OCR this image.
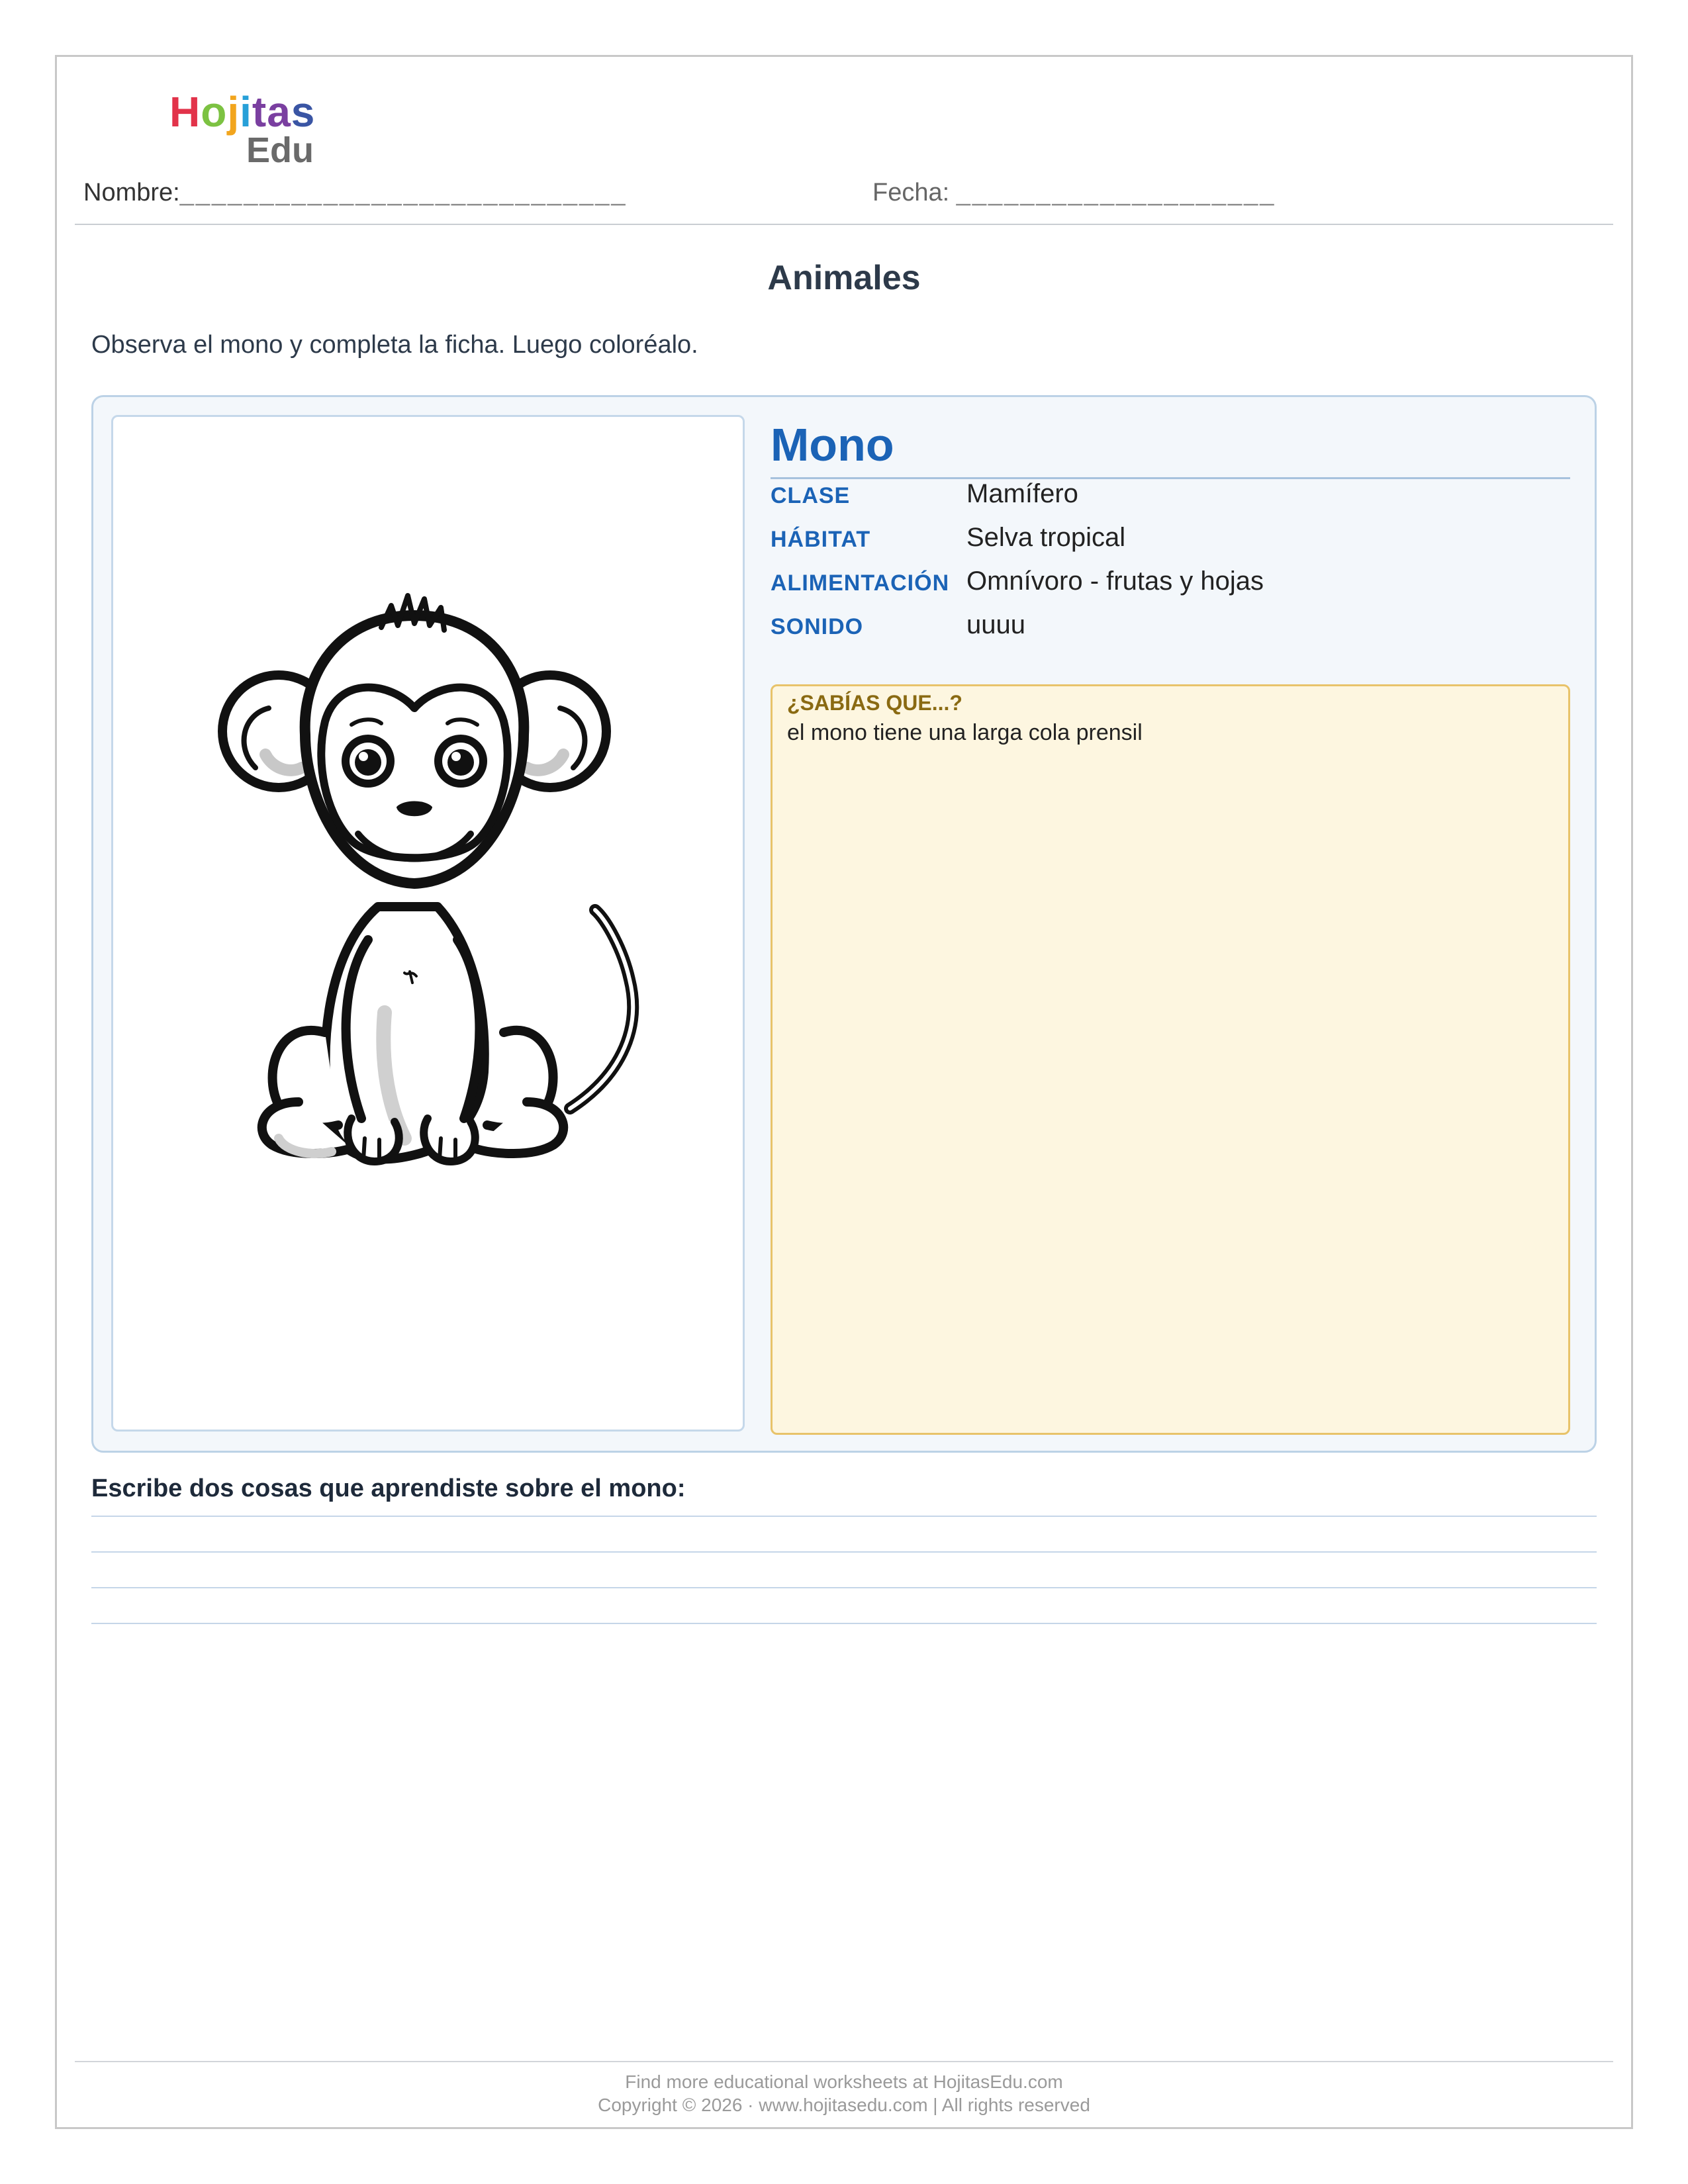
Hojitas
Edu
Nombre:____________________________	Fecha: ____________________
Animales
Observa el mono y completa la ficha. Luego coloréalo.
Mono
CLASE	Mamífero
HÁBITAT	Selva tropical
ALIMENTACIÓN Omnívoro - frutas y hojas
SONIDO	uuuu
¿SABÍAS QUE...?
el mono tiene una larga cola prensil
Escribe dos cosas que aprendiste sobre el mono:
Find more educational worksheets at HojitasEdu.com
Copyright © 2026 · www.hojitasedu.com | All rights reserved
